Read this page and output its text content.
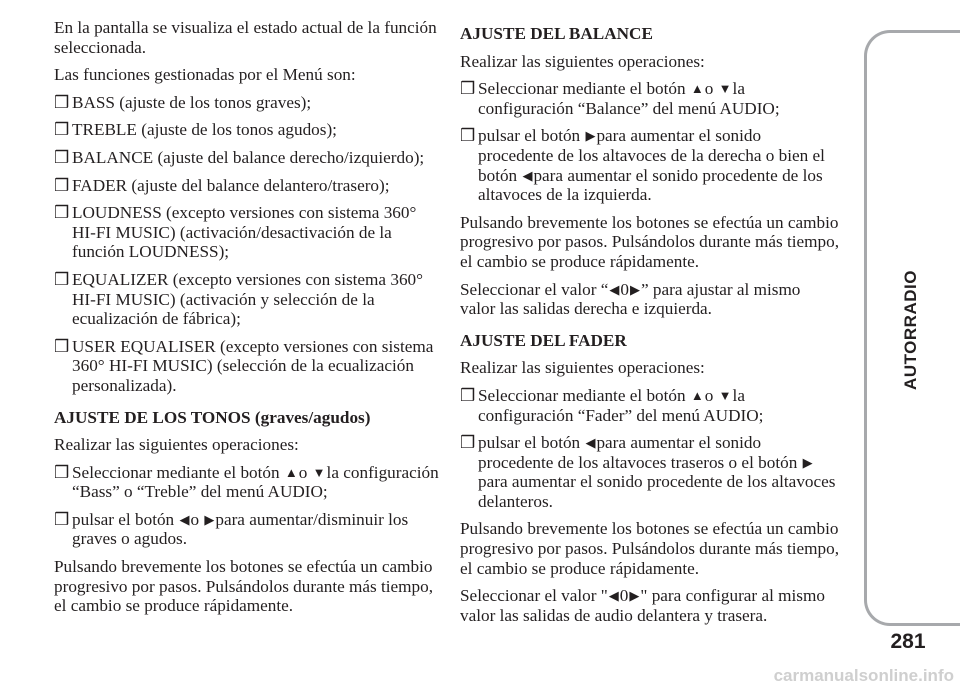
En la pantalla se visualiza el estado actual de la función seleccionada.

Las funciones gestionadas por el Menú son:

❒ BASS (ajuste de los tonos graves);
❒ TREBLE (ajuste de los tonos agudos);
❒ BALANCE (ajuste del balance derecho/izquierdo);
❒ FADER (ajuste del balance delantero/trasero);
❒ LOUDNESS (excepto versiones con sistema 360° HI-FI MUSIC) (activación/desactivación de la función LOUDNESS);
❒ EQUALIZER (excepto versiones con sistema 360° HI-FI MUSIC) (activación y selección de la ecualización de fábrica);
❒ USER EQUALISER (excepto versiones con sistema 360° HI-FI MUSIC) (selección de la ecualización personalizada).

AJUSTE DE LOS TONOS (graves/agudos)

Realizar las siguientes operaciones:

❒ Seleccionar mediante el botón ▲o ▼la configuración “Bass” o “Treble” del menú AUDIO;
❒ pulsar el botón ◀o ▶para aumentar/disminuir los graves o agudos.

Pulsando brevemente los botones se efectúa un cambio progresivo por pasos. Pulsándolos durante más tiempo, el cambio se produce rápidamente.

AJUSTE DEL BALANCE

Realizar las siguientes operaciones:

❒ Seleccionar mediante el botón ▲o ▼la configuración “Balance” del menú AUDIO;
❒ pulsar el botón ▶para aumentar el sonido procedente de los altavoces de la derecha o bien el botón ◀para aumentar el sonido procedente de los altavoces de la izquierda.

Pulsando brevemente los botones se efectúa un cambio progresivo por pasos. Pulsándolos durante más tiempo, el cambio se produce rápidamente.

Seleccionar el valor “◀0▶” para ajustar al mismo valor las salidas derecha e izquierda.

AJUSTE DEL FADER

Realizar las siguientes operaciones:

❒ Seleccionar mediante el botón ▲o ▼la configuración “Fader” del menú AUDIO;
❒ pulsar el botón ◀para aumentar el sonido procedente de los altavoces traseros o el botón ▶para aumentar el sonido procedente de los altavoces delanteros.

Pulsando brevemente los botones se efectúa un cambio progresivo por pasos. Pulsándolos durante más tiempo, el cambio se produce rápidamente.

Seleccionar el valor "◀0▶" para configurar al mismo valor las salidas de audio delantera y trasera.

AUTORRADIO
281
carmanualsonline.info
